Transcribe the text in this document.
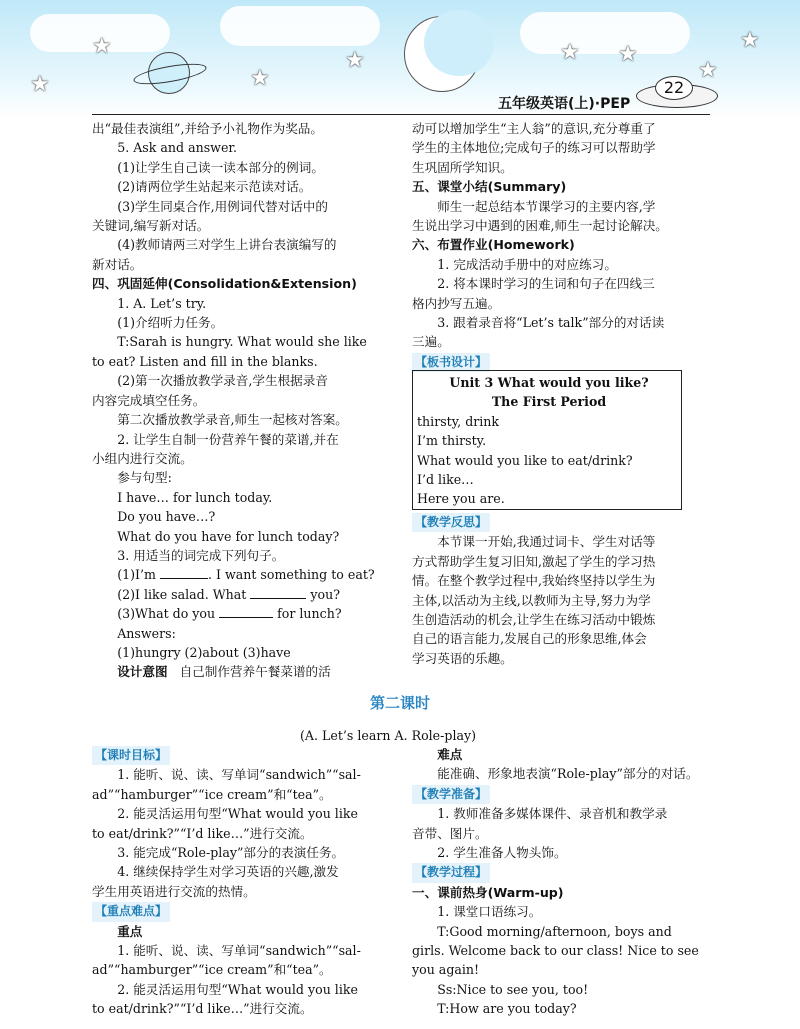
★
★	★
★	★ ★
★
★
22
五年级英语(上)·PEP

出“最佳表演组”,并给予小礼物作为奖品。

5. Ask and answer.

(1)让学生自己读一读本部分的例词。

(2)请两位学生站起来示范读对话。

(3)学生同桌合作,用例词代替对话中的

关键词,编写新对话。

(4)教师请两三对学生上讲台表演编写的

新对话。

四、巩固延伸(Consolidation&Extension)

1. A. Let’s try.

(1)介绍听力任务。

T:Sarah is hungry. What would she like

to eat? Listen and fill in the blanks.

(2)第一次播放教学录音,学生根据录音

内容完成填空任务。

第二次播放教学录音,师生一起核对答案。

2. 让学生自制一份营养午餐的菜谱,并在

小组内进行交流。

参与句型:

I have… for lunch today.

Do you have…?

What do you have for lunch today?

3. 用适当的词完成下列句子。

(1)I’m	. I want something to eat?

(2)I like salad. What	you?

(3)What do you	for lunch?

Answers:

(1)hungry (2)about (3)have

设计意图 自己制作营养午餐菜谱的活

动可以增加学生“主人翁”的意识,充分尊重了

学生的主体地位;完成句子的练习可以帮助学

生巩固所学知识。

五、课堂小结(Summary)

师生一起总结本节课学习的主要内容,学

生说出学习中遇到的困难,师生一起讨论解决。

六、布置作业(Homework)

1. 完成活动手册中的对应练习。

2. 将本课时学习的生词和句子在四线三

格内抄写五遍。

3. 跟着录音将“Let’s talk”部分的对话读

三遍。

【板书设计】

Unit 3 What would you like?

The First Period

thirsty, drink

I’m thirsty.

What would you like to eat/drink?

I’d like…

Here you are.

【教学反思】

本节课一开始,我通过词卡、学生对话等

方式帮助学生复习旧知,激起了学生的学习热

情。在整个教学过程中,我始终坚持以学生为

主体,以活动为主线,以教师为主导,努力为学

生创造活动的机会,让学生在练习活动中锻炼

自己的语言能力,发展自己的形象思维,体会

学习英语的乐趣。

第二课时
(A. Let’s learn A. Role-play)

【课时目标】

1. 能听、说、读、写单词“sandwich”“sal-

ad”“hamburger”“ice cream”和“tea”。

2. 能灵活运用句型“What would you like

to eat/drink?”“I’d like…”进行交流。

3. 能完成“Role-play”部分的表演任务。

4. 继续保持学生对学习英语的兴趣,激发

学生用英语进行交流的热情。

【重点难点】

重点

1. 能听、说、读、写单词“sandwich”“sal-

ad”“hamburger”“ice cream”和“tea”。

2. 能灵活运用句型“What would you like

to eat/drink?”“I’d like…”进行交流。

难点

能准确、形象地表演“Role-play”部分的对话。

【教学准备】

1. 教师准备多媒体课件、录音机和教学录

音带、图片。

2. 学生准备人物头饰。

【教学过程】

一、课前热身(Warm-up)

1. 课堂口语练习。

T:Good morning/afternoon, boys and

girls. Welcome back to our class! Nice to see

you again!

Ss:Nice to see you, too!

T:How are you today?
